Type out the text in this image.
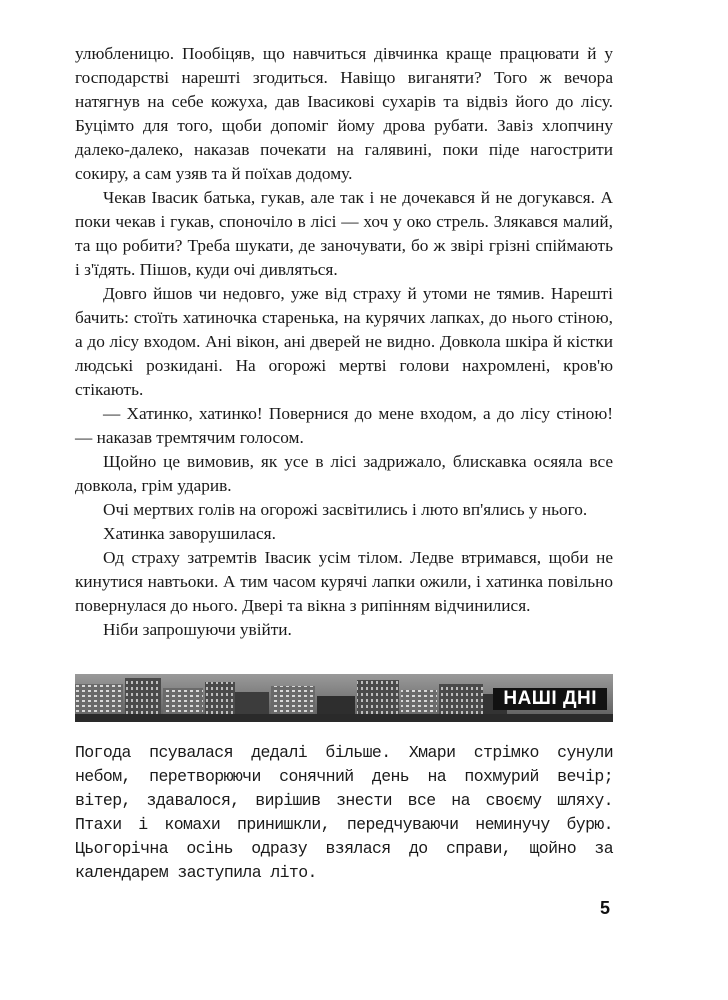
улюбленицю. Пообіцяв, що навчиться дівчинка краще працювати й у господарстві нарешті згодиться. Навіщо виганяти? Того ж вечора натягнув на себе кожуха, дав Івасикові сухарів та відвіз його до лісу. Буцімто для того, щоби допоміг йому дрова рубати. Завіз хлопчину далеко-далеко, наказав почекати на галявині, поки піде нагострити сокиру, а сам узяв та й поїхав додому.

Чекав Івасик батька, гукав, але так і не дочекався й не догукався. А поки чекав і гукав, споночіло в лісі — хоч у око стрель. Злякався малий, та що робити? Треба шукати, де заночувати, бо ж звірі грізні спіймають і з'їдять. Пішов, куди очі дивляться.

Довго йшов чи недовго, уже від страху й утоми не тямив. Нарешті бачить: стоїть хатиночка старенька, на курячих лапках, до нього стіною, а до лісу входом. Ані вікон, ані дверей не видно. Довкола шкіра й кістки людські розкидані. На огорожі мертві голови нахромлені, кров'ю стікають.

— Хатинко, хатинко! Повернися до мене входом, а до лісу стіною! — наказав тремтячим голосом.

Щойно це вимовив, як усе в лісі задрижало, блискавка осяяла все довкола, грім ударив.

Очі мертвих голів на огорожі засвітились і люто вп'ялись у нього.

Хатинка заворушилася.

Од страху затремтів Івасик усім тілом. Ледве втримався, щоби не кинутися навтьоки. А тим часом курячі лапки ожили, і хатинка повільно повернулася до нього. Двері та вікна з рипінням відчинилися.

Ніби запрошуючи увійти.

НАШІ ДНІ

Погода псувалася дедалі більше. Хмари стрімко сунули небом, перетворюючи сонячний день на похмурий вечір; вітер, здавалося, вирішив знести все на своєму шляху. Птахи і комахи принишкли, передчуваючи неминучу бурю. Цьогорічна осінь одразу взялася до справи, щойно за календарем заступила літо.

5
